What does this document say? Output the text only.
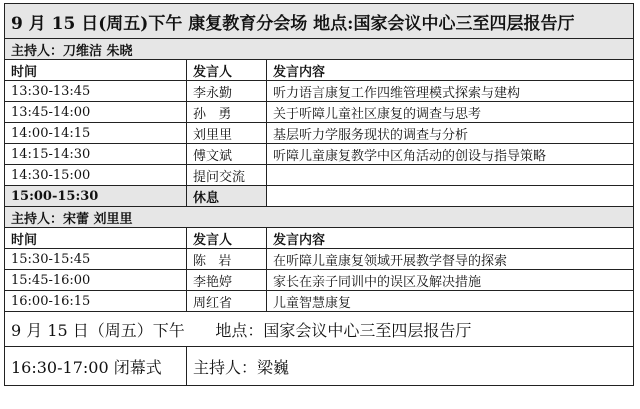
9 月 15 日(周五)下午 康复教育分会场 地点:国家会议中心三至四层报告厅		
主持人：刀维洁 朱晓		
时间	发言人	发言内容
13:30-13:45	李永勤	听力语言康复工作四维管理模式探索与建构
13:45-14:00	孙   勇	关于听障儿童社区康复的调查与思考
14:00-14:15	刘里里	基层听力学服务现状的调查与分析
14:15-14:30	傅文斌	听障儿童康复教学中区角活动的创设与指导策略
14:30-15:00	提问交流	
15:00-15:30	休息	
主持人：宋蕾 刘里里		
时间	发言人	发言内容
15:30-15:45	陈   岩	在听障儿童康复领域开展教学督导的探索
15:45-16:00	李艳婷	家长在亲子同训中的误区及解决措施
16:00-16:15	周红省	儿童智慧康复
9 月 15 日（周五）下午      地点：国家会议中心三至四层报告厅		
16:30-17:00 闭幕式	主持人：梁巍	
